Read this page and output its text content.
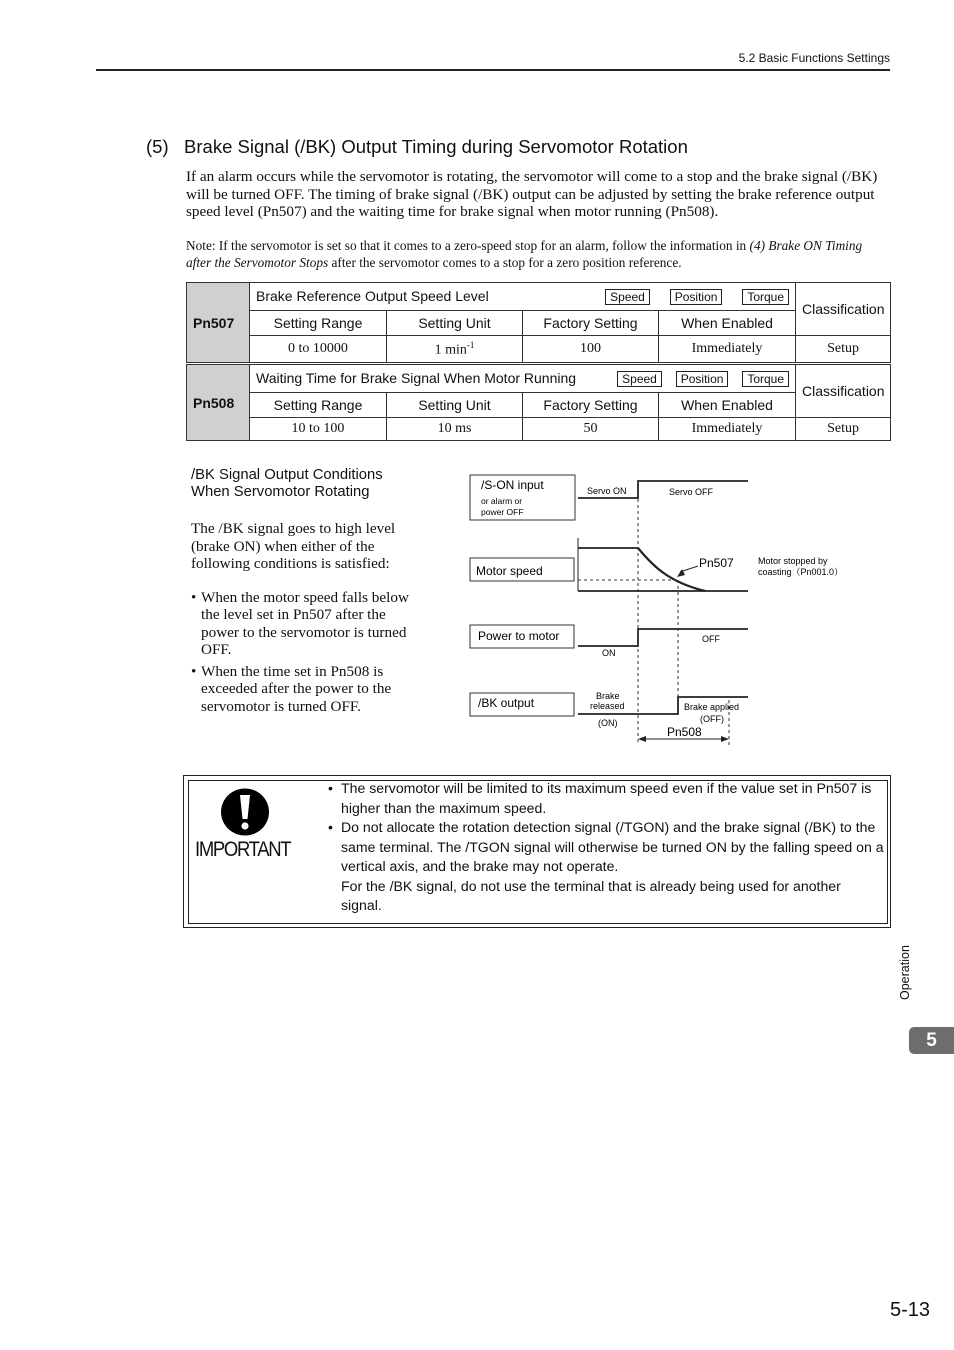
5.2 Basic Functions Settings
(5)   Brake Signal (/BK) Output Timing during Servomotor Rotation
If an alarm occurs while the servomotor is rotating, the servomotor will come to a stop and the brake signal (/BK) will be turned OFF. The timing of brake signal (/BK) output can be adjusted by setting the brake reference output speed level (Pn507) and the waiting time for brake signal when motor running (Pn508).
Note: If the servomotor is set so that it comes to a zero-speed stop for an alarm, follow the information in (4) Brake ON Timing after the Servomotor Stops after the servomotor comes to a stop for a zero position reference.
Pn507	Brake Reference Output Speed Level Speed Position Torque				Classification
	Setting Range	Setting Unit	Factory Setting	When Enabled	
	0 to 10000	1 $\min^{-1}$	100	Immediately	Setup
Pn508	Waiting Time for Brake Signal When Motor Running Speed Position Torque				Classification
	Setting Range	Setting Unit	Factory Setting	When Enabled	
	10 to 100	10 ms	50	Immediately	Setup
/BK Signal Output Conditions
When Servomotor Rotating
The /BK signal goes to high level (brake ON) when either of the following conditions is satisfied:
• When the motor speed falls below the level set in Pn507 after the power to the servomotor is turned OFF.
• When the time set in Pn508 is exceeded after the power to the servomotor is turned OFF.
/S-ON input
or alarm or
power OFF
Motor speed
Power to motor
/BK output
Servo ON	Servo OFF
Pn507	Motor stopped by
coasting（Pn001.0）
ON
OFF
Brake
released
(ON)
Brake applied
(OFF)
Pn508
IMPORTANT
• The servomotor will be limited to its maximum speed even if the value set in Pn507 is higher than the maximum speed.
• Do not allocate the rotation detection signal (/TGON) and the brake signal (/BK) to the same terminal. The /TGON signal will otherwise be turned ON by the falling speed on a vertical axis, and the brake may not operate.
For the /BK signal, do not use the terminal that is already being used for another signal.
Operation
5
5-13
